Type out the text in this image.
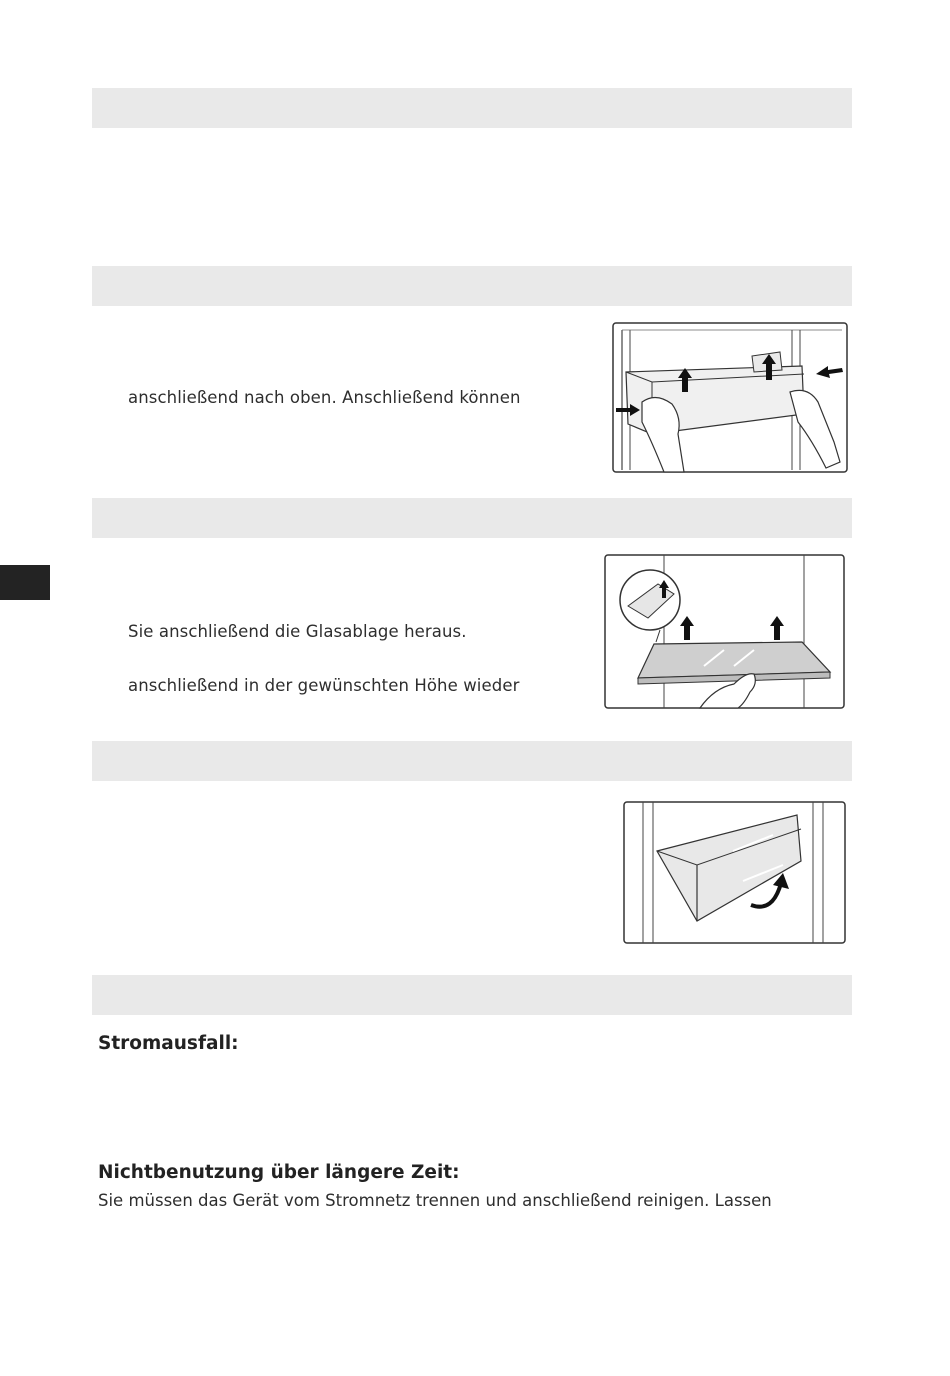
anschließend nach oben. Anschließend können
Sie anschließend die Glasablage heraus.
anschließend in der gewünschten Höhe wieder
Stromausfall:
Nichtbenutzung über längere Zeit:
Sie müssen das Gerät vom Stromnetz trennen und anschließend reinigen. Lassen
